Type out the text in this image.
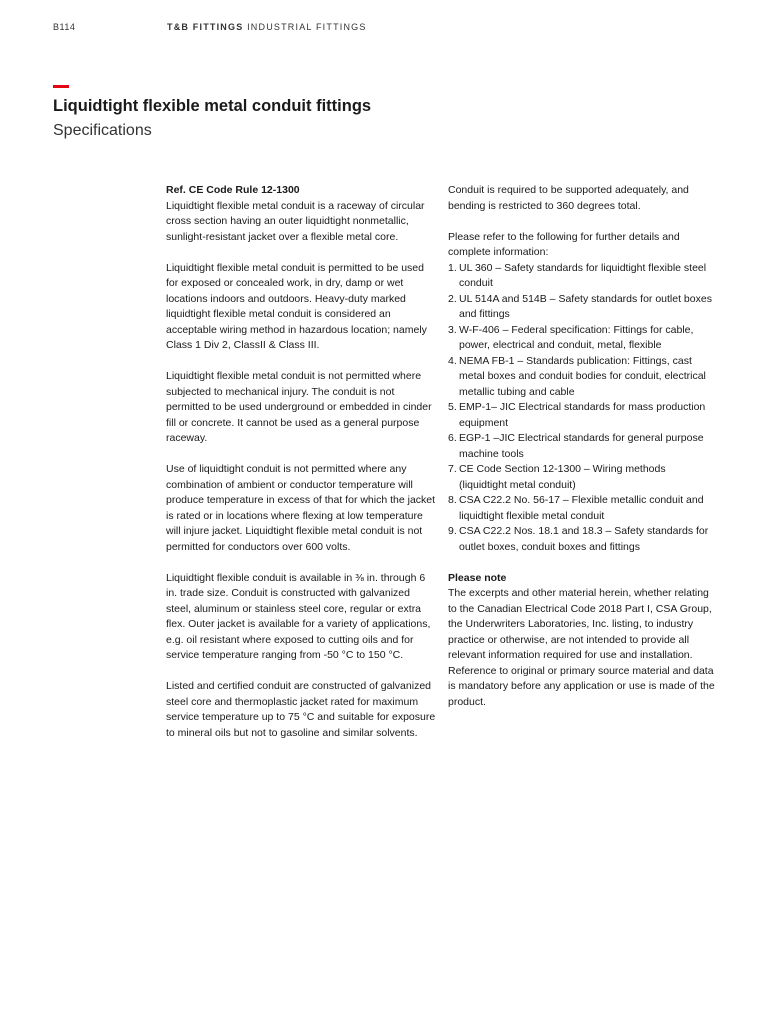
B114	T&B FITTINGS INDUSTRIAL FITTINGS
Liquidtight flexible metal conduit fittings
Specifications

Ref. CE Code Rule 12-1300
Liquidtight flexible metal conduit is a raceway of circular cross section having an outer liquidtight nonmetallic, sunlight-resistant jacket over a flexible metal core.

Liquidtight flexible metal conduit is permitted to be used for exposed or concealed work, in dry, damp or wet locations indoors and outdoors. Heavy-duty marked liquidtight flexible metal conduit is considered an acceptable wiring method in hazardous location; namely Class 1 Div 2, ClassII & Class III.

Liquidtight flexible metal conduit is not permitted where subjected to mechanical injury. The conduit is not permitted to be used underground or embedded in cinder fill or concrete. It cannot be used as a general purpose raceway.

Use of liquidtight conduit is not permitted where any combination of ambient or conductor temperature will produce temperature in excess of that for which the jacket is rated or in locations where flexing at low temperature will injure jacket. Liquidtight flexible metal conduit is not permitted for conductors over 600 volts.

Liquidtight flexible conduit is available in ⅜ in. through 6 in. trade size. Conduit is constructed with galvanized steel, aluminum or stainless steel core, regular or extra flex. Outer jacket is available for a variety of applications, e.g. oil resistant where exposed to cutting oils and for service temperature ranging from -50 °C to 150 °C.

Listed and certified conduit are constructed of galvanized steel core and thermoplastic jacket rated for maximum service temperature up to 75 °C and suitable for exposure to mineral oils but not to gasoline and similar solvents.

Conduit is required to be supported adequately, and bending is restricted to 360 degrees total.

Please refer to the following for further details and complete information:

1. UL 360 – Safety standards for liquidtight flexible steel conduit
2. UL 514A and 514B – Safety standards for outlet boxes and fittings
3. W-F-406 – Federal specification: Fittings for cable, power, electrical and conduit, metal, flexible
4. NEMA FB-1 – Standards publication: Fittings, cast metal boxes and conduit bodies for conduit, electrical metallic tubing and cable
5. EMP-1– JIC Electrical standards for mass production equipment
6. EGP-1 –JIC Electrical standards for general purpose machine tools
7. CE Code Section 12-1300 – Wiring methods (liquidtight metal conduit)
8. CSA C22.2 No. 56-17 – Flexible metallic conduit and liquidtight flexible metal conduit
9. CSA C22.2 Nos. 18.1 and 18.3 – Safety standards for outlet boxes, conduit boxes and fittings

Please note
The excerpts and other material herein, whether relating to the Canadian Electrical Code 2018 Part I, CSA Group, the Underwriters Laboratories, Inc. listing, to industry practice or otherwise, are not intended to provide all relevant information required for use and installation. Reference to original or primary source material and data is mandatory before any application or use is made of the product.
